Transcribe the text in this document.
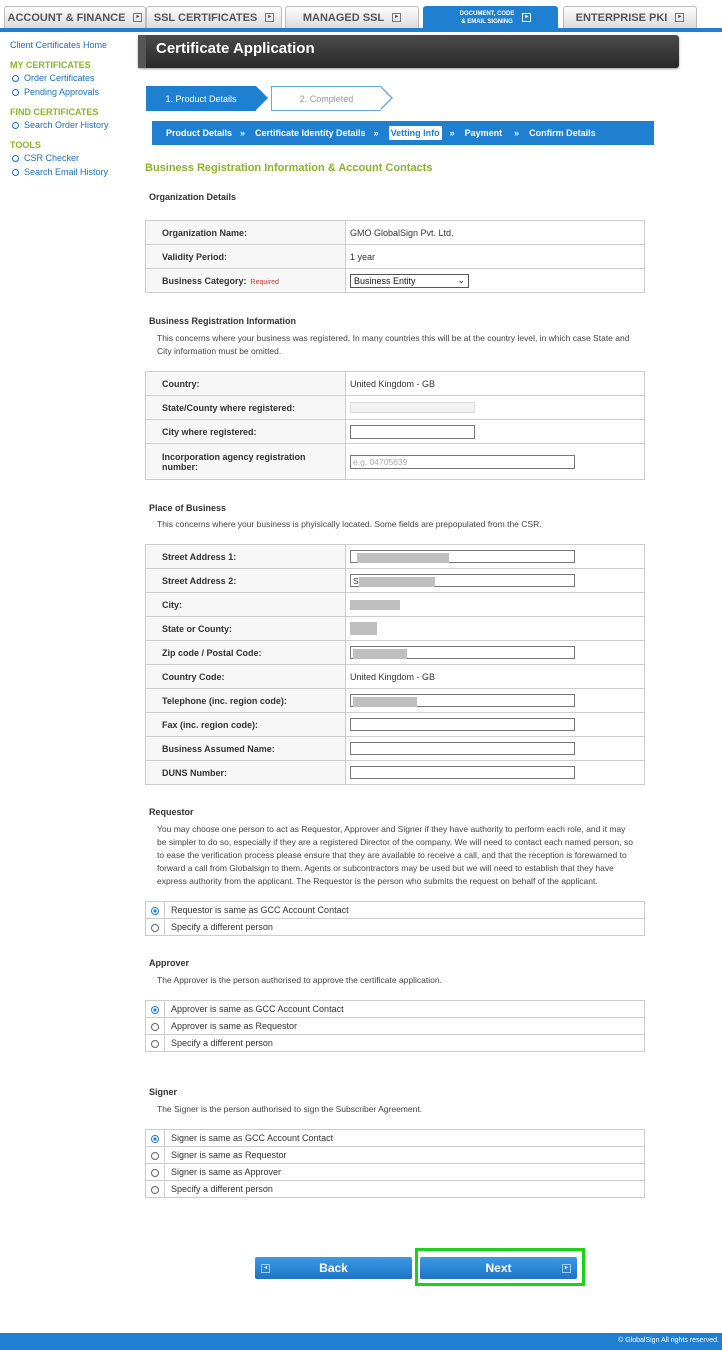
ACCOUNT & FINANCE	▸ SSL CERTIFICATES	▸	MANAGED SSL	▸
DOCUMENT, CODE
& EMAIL SIGNING
▸	ENTERPRISE PKI	▸
Client Certificates Home
MY CERTIFICATES
Order Certificates
Pending Approvals
FIND CERTIFICATES
Search Order History
TOOLS
CSR Checker
Search Email History
Certificate Application
1. Product Details	2. Completed
Product Details » Certificate Identity Details » Vetting Info » Payment » Confirm Details
Business Registration Information & Account Contacts
Organization Details
Organization Name:	GMO GlobalSign Pvt. Ltd.
Validity Period:	1 year
Business Category: Required	Business Entity ⌄
Business Registration Information
This concerns where your business was registered. In many countries this will be at the country level, in which case State and City information must be omitted.
Country:	United Kingdom - GB
State/County where registered:	

City where registered:	

Incorporation agency registration
number:	e.g. 04705639
Place of Business
This concerns where your business is phyisically located. Some fields are prepopulated from the CSR.
Street Address 1:	

Street Address 2:	S

City:	
State or County:	
Zip code / Postal Code:	

Country Code:	United Kingdom - GB
Telephone (inc. region code):	

Fax (inc. region code):	

Business Assumed Name:	

DUNS Number:	
Requestor
You may choose one person to act as Requestor, Approver and Signer if they have authority to perform each role, and it may be simpler to do so, especially if they are a registered Director of the company. We will need to contact each named person, so to ease the verification process please ensure that they are available to receive a call, and that the reception is forewarned to forward a call from Globalsign to them. Agents or subcontractors may be used but we will need to establish that they have express authority from the applicant. The Requestor is the person who submits the request on behalf of the applicant.
	Requestor is same as GCC Account Contact
	Specify a different person
Approver
The Approver is the person authorised to approve the certificate application.
	Approver is same as GCC Account Contact
	Approver is same as Requestor
	Specify a different person
Signer
The Signer is the person authorised to sign the Subscriber Agreement.
	Signer is same as GCC Account Contact
	Signer is same as Requestor
	Signer is same as Approver
	Specify a different person
◂	Back	Next	▸
© GlobalSign All rights reserved.
